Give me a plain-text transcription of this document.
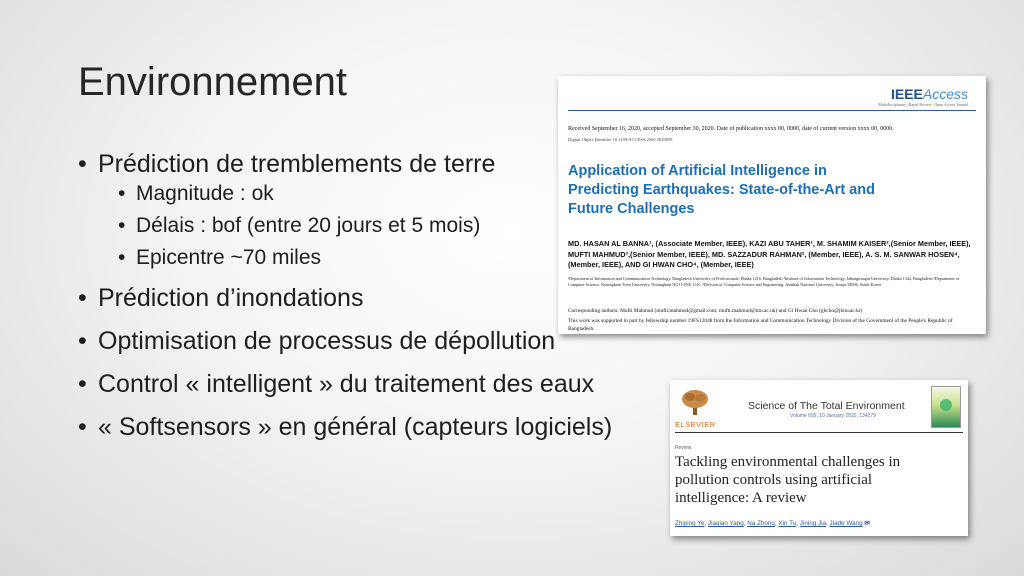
Environnement
• Prédiction de tremblements de terre
• Magnitude : ok
• Délais : bof (entre 20 jours et 5 mois)
• Epicentre ~70 miles
• Prédiction d’inondations
• Optimisation de processus de dépollution
• Control « intelligent » du traitement des eaux
• « Softsensors » en général (capteurs logiciels)
IEEEAccess
Multidisciplinary | Rapid Review | Open Access Journal
Received September 16, 2020, accepted September 30, 2020. Date of publication xxxx 00, 0000, date of current version xxxx 00, 0000.
Digital Object Identifier 10.1109/ACCESS.2020.3029859
Application of Artificial Intelligence in Predicting Earthquakes: State-of-the-Art and Future Challenges
MD. HASAN AL BANNA¹, (Associate Member, IEEE), KAZI ABU TAHER¹, M. SHAMIM KAISER²,(Senior Member, IEEE), MUFTI MAHMUD³,(Senior Member, IEEE), MD. SAZZADUR RAHMAN², (Member, IEEE), A. S. M. SANWAR HOSEN⁴, (Member, IEEE), AND GI HWAN CHO⁴, (Member, IEEE)
¹Department of Information and Communication Technology, Bangladesh University of Professionals, Dhaka 1216, Bangladesh ²Institute of Information Technology, Jahangirnagar University, Dhaka 1342, Bangladesh ³Department of Computer Science, Nottingham Trent University, Nottingham NG11 8NS, U.K. ⁴Division of Computer Science and Engineering, Jeonbuk National University, Jeonju 54896, South Korea
Corresponding authors: Mufti Mahmud (mufti.mahmud@gmail.com; mufti.mahmud@ntu.ac.uk) and Gi Hwan Cho (ghcho@jbnu.ac.kr)
This work was supported in part by fellowship number 19FS12048 from the Information and Communication Technology Division of the Government of the People's Republic of Bangladesh.
ELSEVIER
Science of The Total Environment
Volume 699, 10 January 2020, 134279
Review
Tackling environmental challenges in pollution controls using artificial intelligence: A review
Zhiping Ye, Jiaqian Yang, Na Zhong, Xin Tu, Jining Jia, Jiade Wang ✉
